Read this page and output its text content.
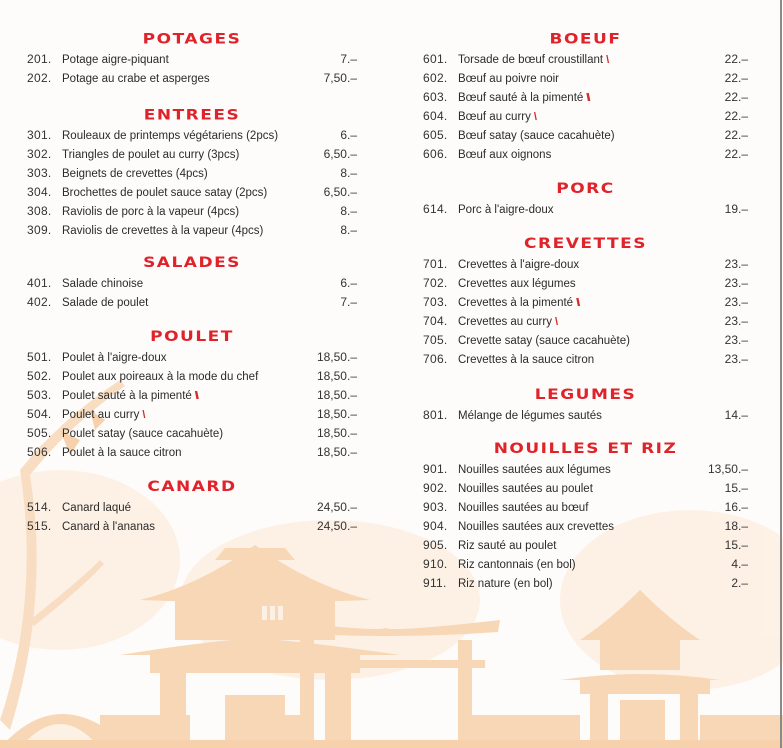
POTAGES
201. Potage aigre-piquant	7.–
202. Potage au crabe et asperges	7,50.–
ENTREES
301. Rouleaux de printemps végétariens (2pcs)	6.–
302. Triangles de poulet au curry (3pcs)	6,50.–
303. Beignets de crevettes (4pcs)	8.–
304. Brochettes de poulet sauce satay (2pcs)	6,50.–
308. Raviolis de porc à la vapeur (4pcs)	8.–
309. Raviolis de crevettes à la vapeur (4pcs)	8.–
SALADES
401. Salade chinoise	6.–
402. Salade de poulet	7.–
POULET
501. Poulet à l'aigre-doux	18,50.–
502. Poulet aux poireaux à la mode du chef	18,50.–
503. Poulet sauté à la pimenté \\	18,50.–
504. Poulet au curry \	18,50.–
505. Poulet satay (sauce cacahuète)	18,50.–
506. Poulet à la sauce citron	18,50.–
CANARD
514. Canard laqué	24,50.–
515. Canard à l'ananas	24,50.–
BOEUF
601. Torsade de bœuf croustillant \	22.–
602. Bœuf au poivre noir	22.–
603. Bœuf sauté à la pimenté \\	22.–
604. Bœuf au curry \	22.–
605. Bœuf satay (sauce cacahuète)	22.–
606. Bœuf aux oignons	22.–
PORC
614. Porc à l'aigre-doux	19.–
CREVETTES
701. Crevettes à l'aigre-doux	23.–
702. Crevettes aux légumes	23.–
703. Crevettes à la pimenté \\	23.–
704. Crevettes au curry \	23.–
705. Crevette satay (sauce cacahuète)	23.–
706. Crevettes à la sauce citron	23.–
LEGUMES
801. Mélange de légumes sautés	14.–
NOUILLES ET RIZ
901. Nouilles sautées aux légumes	13,50.–
902. Nouilles sautées au poulet	15.–
903. Nouilles sautées au bœuf	16.–
904. Nouilles sautées aux crevettes	18.–
905. Riz sauté au poulet	15.–
910. Riz cantonnais (en bol)	4.–
911. Riz nature (en bol)	2.–
